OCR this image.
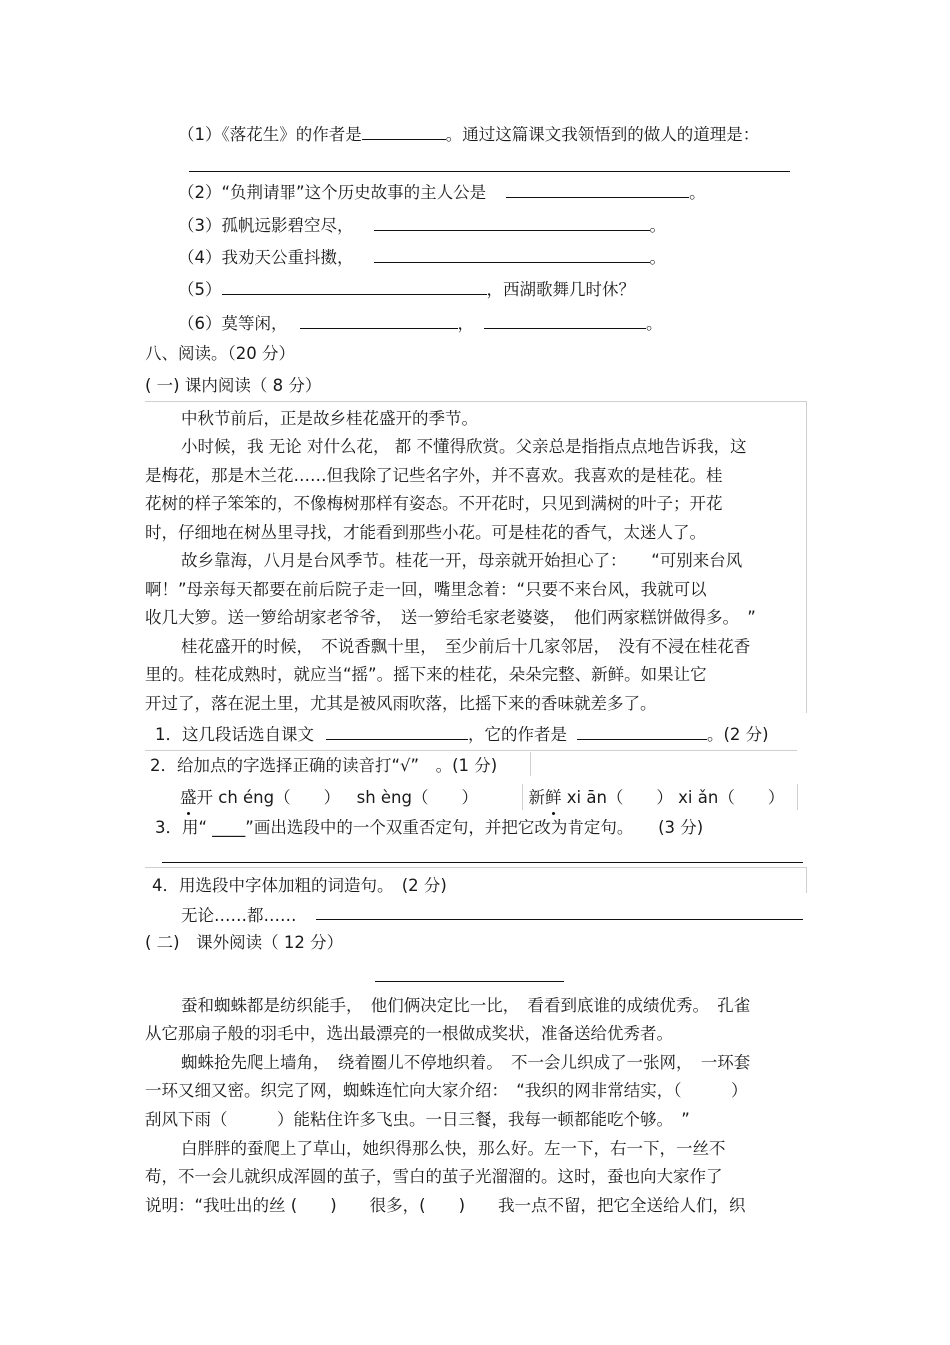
（1）《落花生》的作者是	。通过这篇课文我领悟到的做人的道理是：
（2）“负荆请罪”这个历史故事的主人公是	。
（3）孤帆远影碧空尽，	。
（4）我劝天公重抖擞，	。
（5）	，西湖歌舞几时休？
（6）莫等闲，	，	。
八、阅读。（20 分）
( 一) 课内阅读（ 8 分）
中秋节前后，正是故乡桂花盛开的季节。
小时候，我 无论 对什么花， 都 不懂得欣赏。父亲总是指指点点地告诉我，这
是梅花，那是木兰花……但我除了记些名字外，并不喜欢。我喜欢的是桂花。桂
花树的样子笨笨的，不像梅树那样有姿态。不开花时，只见到满树的叶子；开花
时，仔细地在树丛里寻找，才能看到那些小花。可是桂花的香气，太迷人了。
故乡靠海，八月是台风季节。桂花一开，母亲就开始担心了：　　“可别来台风
啊！”母亲每天都要在前后院子走一回，嘴里念着：“只要不来台风，我就可以
收几大箩。送一箩给胡家老爷爷，　送一箩给毛家老婆婆，　他们两家糕饼做得多。　”
桂花盛开的时候，　不说香飘十里，　至少前后十几家邻居，　没有不浸在桂花香
里的。桂花成熟时，就应当“摇”。摇下来的桂花，朵朵完整、新鲜。如果让它
开过了，落在泥土里，尤其是被风雨吹落，比摇下来的香味就差多了。
1．这几段话选自课文	，它的作者是	。(2 分)
2．给加点的字选择正确的读音打“√”　。(1 分)
盛开 ch éng（　　） sh èng（　　）	新鲜 xi ān（　　） xi ǎn（　　）
3．用“ ____”画出选段中的一个双重否定句，并把它改为肯定句。　　(3 分)
4．用选段中字体加粗的词造句。　(2 分)
无论……都……
( 二)　课外阅读（ 12 分）
蚕和蜘蛛都是纺织能手，　他们俩决定比一比，　看看到底谁的成绩优秀。　孔雀
从它那扇子般的羽毛中，选出最漂亮的一根做成奖状，准备送给优秀者。
蜘蛛抢先爬上墙角，　绕着圈儿不停地织着。　不一会儿织成了一张网，　一环套
一环又细又密。织完了网，蜘蛛连忙向大家介绍：　“我织的网非常结实，（　　　）
刮风下雨（　　　）能粘住许多飞虫。一日三餐，我每一顿都能吃个够。　”
白胖胖的蚕爬上了草山，她织得那么快，那么好。左一下，右一下，一丝不
苟，不一会儿就织成浑圆的茧子，雪白的茧子光溜溜的。这时，蚕也向大家作了
说明：“我吐出的丝 (　　)　　很多，(　　)　　我一点不留，把它全送给人们，织
